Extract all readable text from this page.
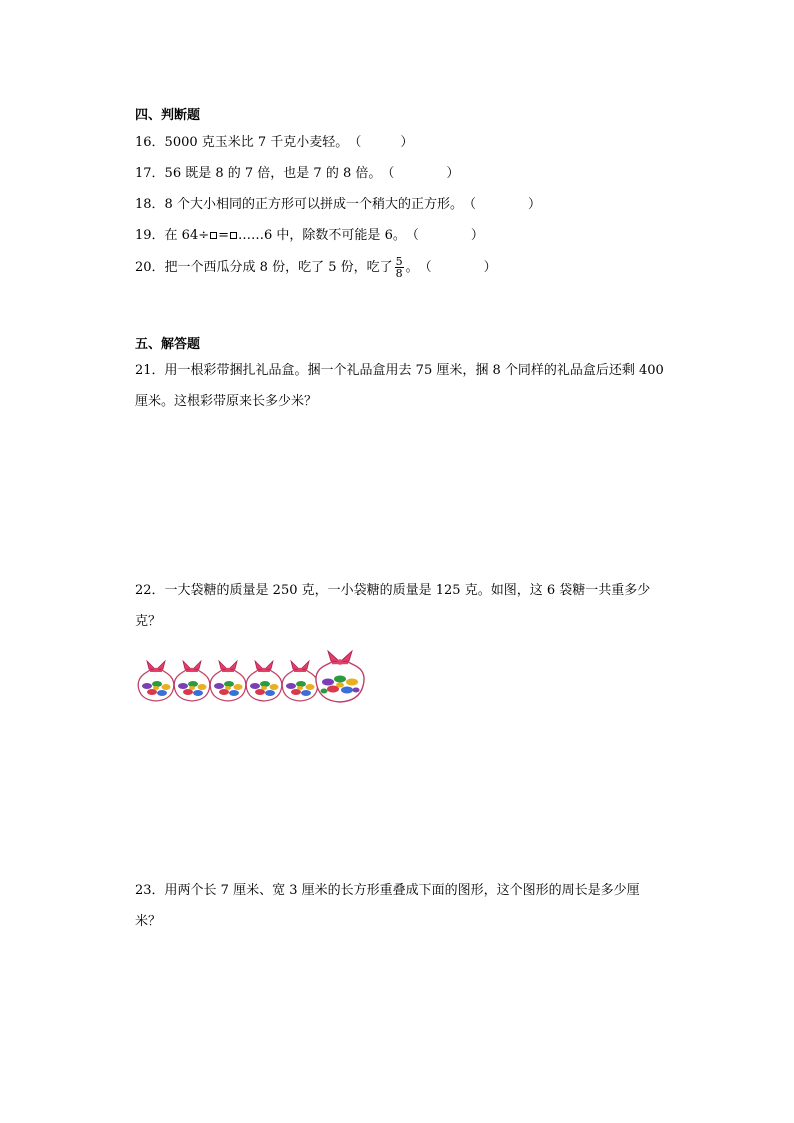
四、判断题
16．5000 克玉米比 7 千克小麦轻。（　　　）
17．56 既是 8 的 7 倍，也是 7 的 8 倍。（　　　　）
18．8 个大小相同的正方形可以拼成一个稍大的正方形。（　　　　）
19．在 64÷ = ……6 中，除数不可能是 6。（　　　　）
20．把一个西瓜分成 8 份，吃了 5 份，吃了 $\frac{5}{8}$ 。（　　　　）
五、解答题
21．用一根彩带捆扎礼品盒。捆一个礼品盒用去 75 厘米，捆 8 个同样的礼品盒后还剩 400
厘米。这根彩带原来长多少米？
22．一大袋糖的质量是 250 克，一小袋糖的质量是 125 克。如图，这 6 袋糖一共重多少
克？
23．用两个长 7 厘米、宽 3 厘米的长方形重叠成下面的图形，这个图形的周长是多少厘
米？
